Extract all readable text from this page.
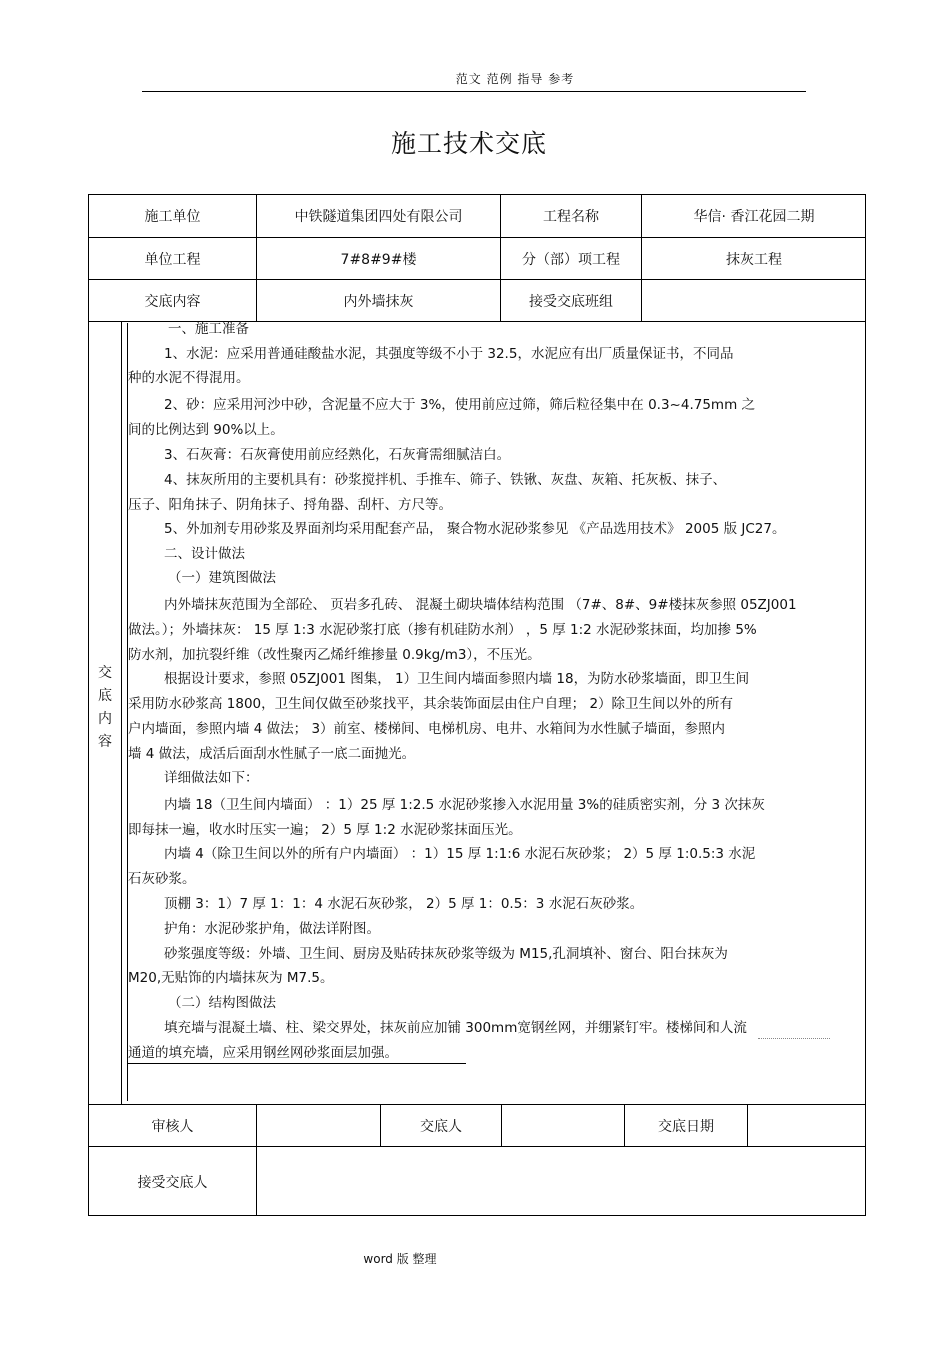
范文 范例 指导 参考
施工技术交底
施工单位	中铁隧道集团四处有限公司	工程名称	华信· 香江花园二期
单位工程	7#8#9#楼	分（部）项工程	抹灰工程
交底内容	内外墙抹灰	接受交底班组
交
底
内
容
一、施工准备
1、水泥：应采用普通硅酸盐水泥，其强度等级不小于 32.5，水泥应有出厂质量保证书，不同品
种的水泥不得混用。
2、砂：应采用河沙中砂，含泥量不应大于 3%，使用前应过筛，筛后粒径集中在 0.3~4.75mm 之
间的比例达到 90%以上。
3、石灰膏：石灰膏使用前应经熟化，石灰膏需细腻洁白。
4、抹灰所用的主要机具有：砂浆搅拌机、手推车、筛子、铁锹、灰盘、灰箱、托灰板、抹子、
压子、阳角抹子、阴角抹子、捋角器、刮杆、方尺等。
5、外加剂专用砂浆及界面剂均采用配套产品， 聚合物水泥砂浆参见 《产品选用技术》 2005 版 JC27。
二、设计做法
（一）建筑图做法
内外墙抹灰范围为全部砼、 页岩多孔砖、 混凝土砌块墙体结构范围 （7#、8#、9#楼抹灰参照 05ZJ001
做法。）；外墙抹灰： 15 厚 1:3 水泥砂浆打底（掺有机硅防水剂） ，5 厚 1:2 水泥砂浆抹面，均加掺 5%
防水剂，加抗裂纤维（改性聚丙乙烯纤维掺量 0.9kg/m3），不压光。
根据设计要求，参照 05ZJ001 图集， 1）卫生间内墙面参照内墙 18，为防水砂浆墙面，即卫生间
采用防水砂浆高 1800，卫生间仅做至砂浆找平，其余装饰面层由住户自理； 2）除卫生间以外的所有
户内墙面，参照内墙 4 做法； 3）前室、楼梯间、电梯机房、电井、水箱间为水性腻子墙面，参照内
墙 4 做法，成活后面刮水性腻子一底二面抛光。
详细做法如下：
内墙 18（卫生间内墙面） ：1）25 厚 1:2.5 水泥砂浆掺入水泥用量 3%的硅质密实剂，分 3 次抹灰
即每抹一遍，收水时压实一遍； 2）5 厚 1:2 水泥砂浆抹面压光。
内墙 4（除卫生间以外的所有户内墙面） ：1）15 厚 1:1:6 水泥石灰砂浆； 2）5 厚 1:0.5:3 水泥
石灰砂浆。
顶棚 3：1）7 厚 1：1：4 水泥石灰砂浆， 2）5 厚 1：0.5：3 水泥石灰砂浆。
护角：水泥砂浆护角，做法详附图。
砂浆强度等级：外墙、卫生间、厨房及贴砖抹灰砂浆等级为 M15,孔洞填补、窗台、阳台抹灰为
M20,无贴饰的内墙抹灰为 M7.5。
（二）结构图做法
填充墙与混凝土墙、柱、梁交界处，抹灰前应加铺 300mm宽钢丝网，并绷紧钉牢。楼梯间和人流
通道的填充墙，应采用钢丝网砂浆面层加强。
审核人	交底人	交底日期
接受交底人
word 版 整理
